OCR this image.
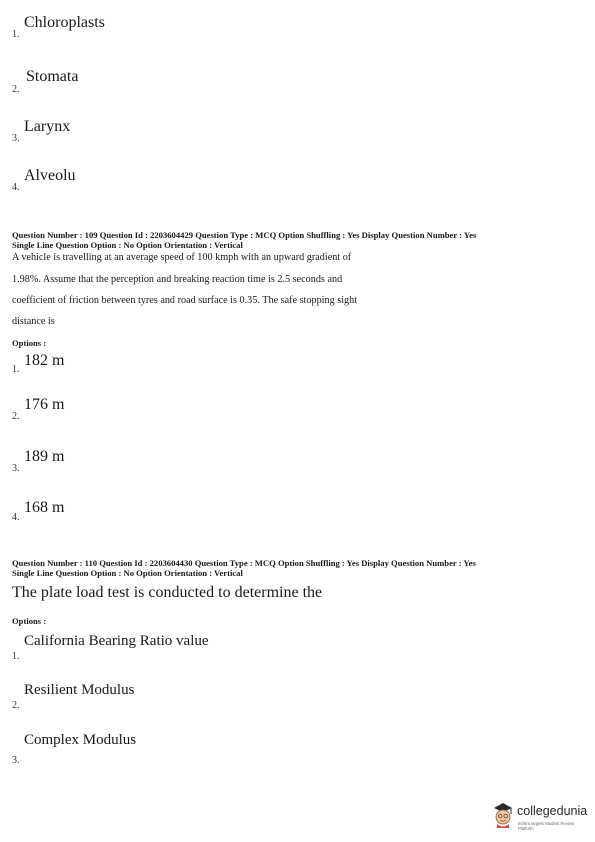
1.
Chloroplasts
2.
Stomata
3.
Larynx
4.
Alveolu
Question Number : 109 Question Id : 2203604429 Question Type : MCQ Option Shuffling : Yes Display Question Number : Yes
Single Line Question Option : No Option Orientation : Vertical
A vehicle is travelling at an average speed of 100 kmph with an upward gradient of
1.98%. Assume that the perception and breaking reaction time is 2.5 seconds and
coefficient of friction between tyres and road surface is 0.35. The safe stopping sight
distance is
Options :
1.
182 m
2.
176 m
3.
189 m
4.
168 m
Question Number : 110 Question Id : 2203604430 Question Type : MCQ Option Shuffling : Yes Display Question Number : Yes
Single Line Question Option : No Option Orientation : Vertical
The plate load test is conducted to determine the
Options :
1.
California Bearing Ratio value
2.
Resilient Modulus
3.
Complex Modulus
collegedunia
India's largest Student Review Platform
